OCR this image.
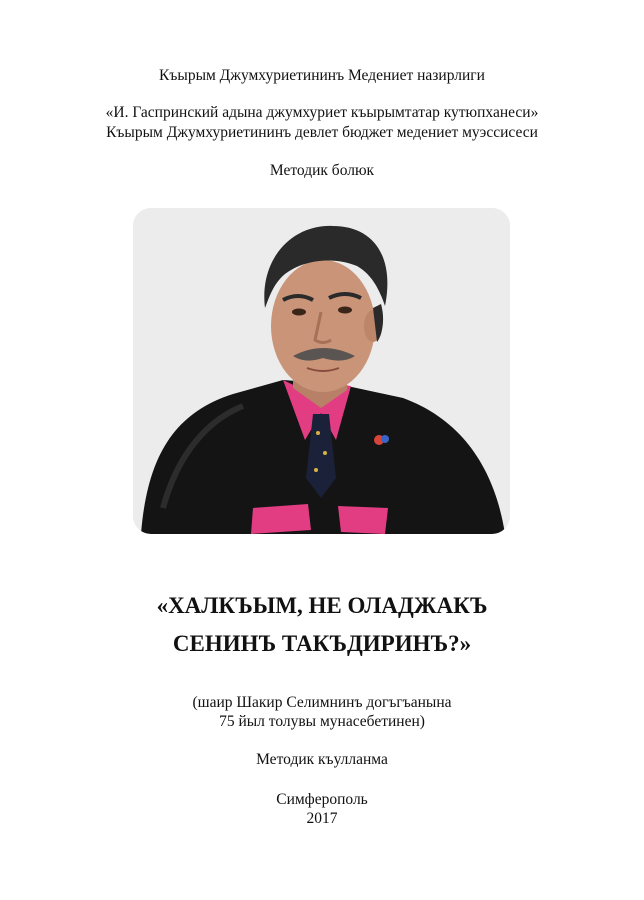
Къырым Джумхуриетининъ Медениет назирлиги
«И. Гаспринский адына джумхуриет къырымтатар кутюпханеси»
Къырым Джумхуриетининъ девлет бюджет медениет муэссисеси
Методик болюк
«ХАЛКЪЫМ, НЕ ОЛАДЖАКЪ
СЕНИНЪ ТАКЪДИРИНЪ?»
(шаир Шакир Селимнинъ догъгъанына
75 йыл толувы мунасебетинен)
Методик къулланма
Симферополь
2017
